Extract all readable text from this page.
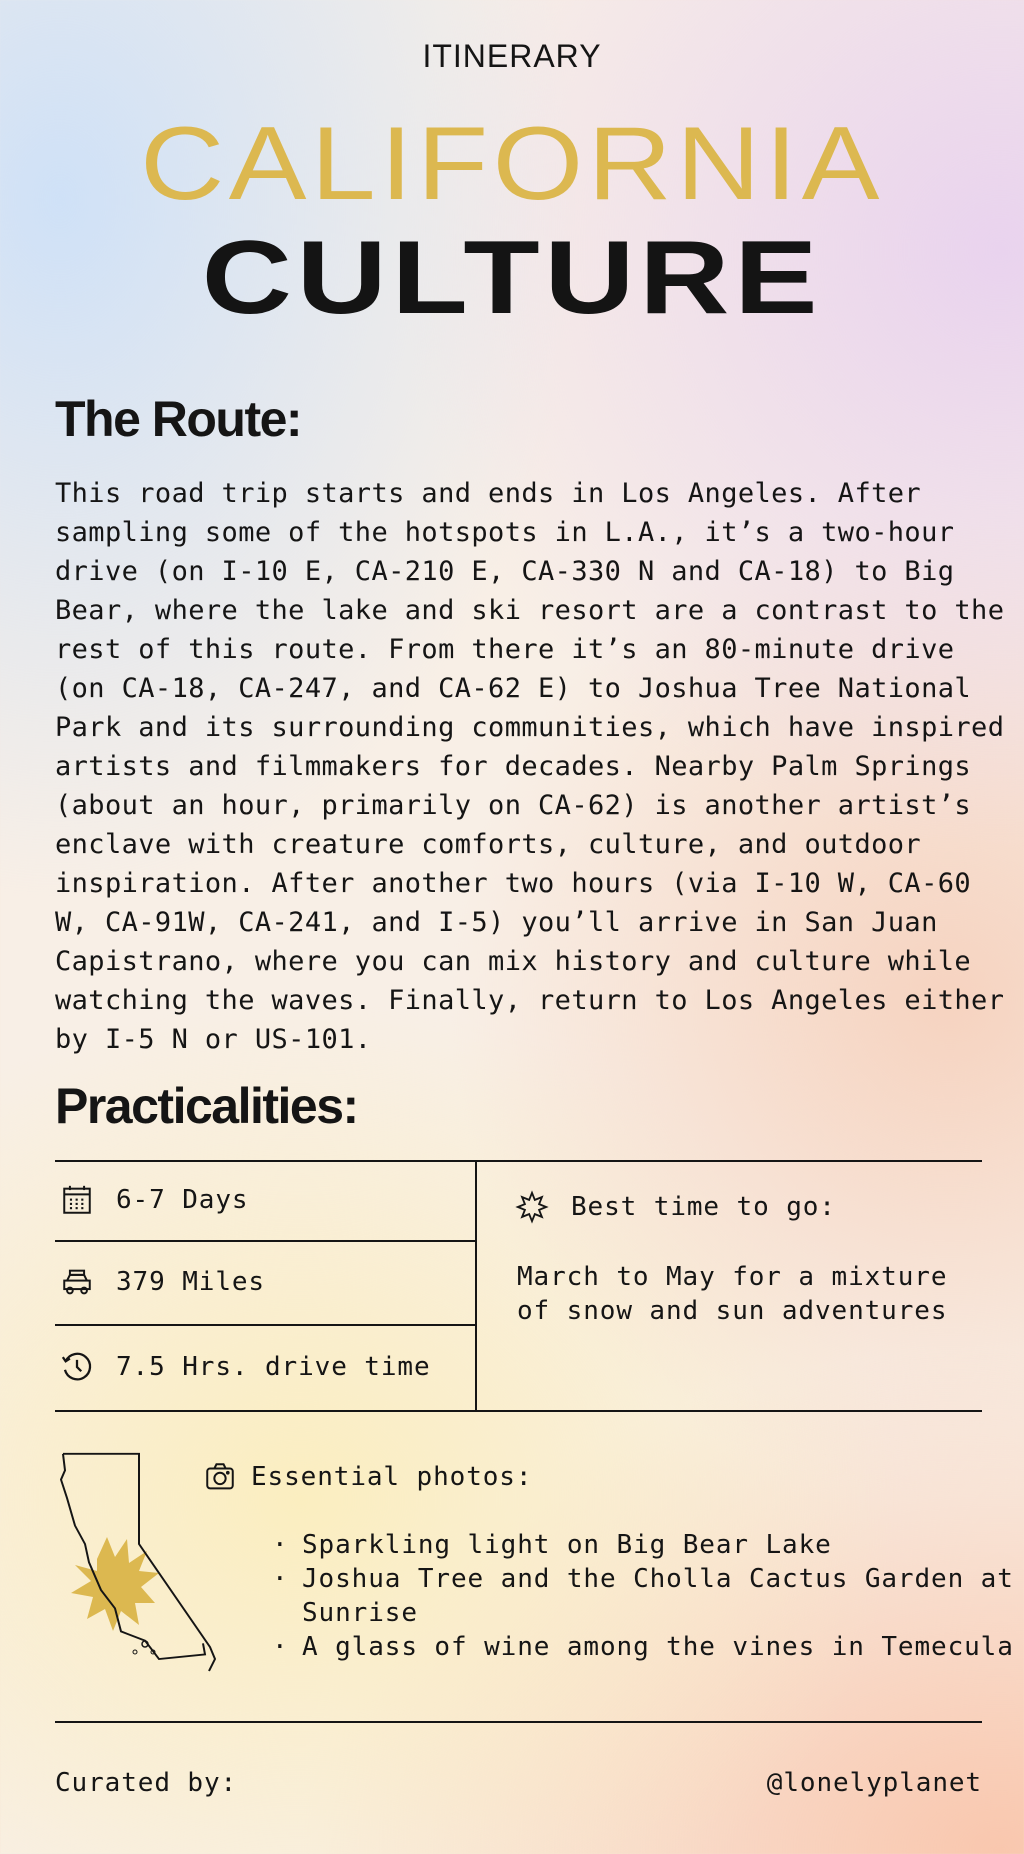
ITINERARY
CALIFORNIA
CULTURE
The Route:
This road trip starts and ends in Los Angeles. After sampling some of the hotspots in L.A., it’s a two-hour drive (on I-10 E, CA-210 E, CA-330 N and CA-18) to Big Bear, where the lake and ski resort are a contrast to the rest of this route. From there it’s an 80-minute drive (on CA-18, CA-247, and CA-62 E) to Joshua Tree National Park and its surrounding communities, which have inspired artists and filmmakers for decades. Nearby Palm Springs (about an hour, primarily on CA-62) is another artist’s enclave with creature comforts, culture, and outdoor inspiration. After another two hours (via I-10 W, CA-60 W, CA-91W, CA-241, and I-5) you’ll arrive in San Juan Capistrano, where you can mix history and culture while watching the waves. Finally, return to Los Angeles either by I-5 N or US-101.
Practicalities:
6-7 Days
379 Miles
7.5 Hrs. drive time
Best time to go:
March to May for a mixture of snow and sun adventures
Essential photos:
· Sparkling light on Big Bear Lake
· Joshua Tree and the Cholla Cactus Garden at Sunrise
· A glass of wine among the vines in Temecula
Curated by:	@lonelyplanet
